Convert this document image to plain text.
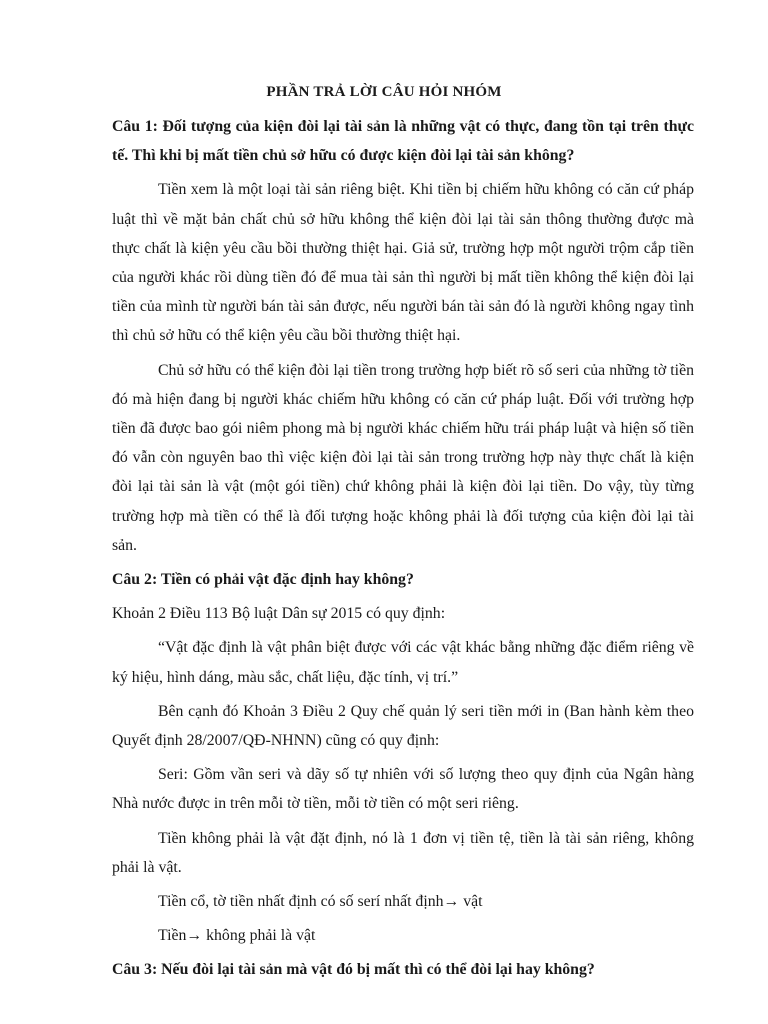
PHẦN TRẢ LỜI CÂU HỎI NHÓM

Câu 1: Đối tượng của kiện đòi lại tài sản là những vật có thực, đang tồn tại trên thực tế. Thì khi bị mất tiền chủ sở hữu có được kiện đòi lại tài sản không?

Tiền xem là một loại tài sản riêng biệt. Khi tiền bị chiếm hữu không có căn cứ pháp luật thì về mặt bản chất chủ sở hữu không thể kiện đòi lại tài sản thông thường được mà thực chất là kiện yêu cầu bồi thường thiệt hại. Giả sử, trường hợp một người trộm cắp tiền của người khác rồi dùng tiền đó để mua tài sản thì người bị mất tiền không thể kiện đòi lại tiền của mình từ người bán tài sản được, nếu người bán tài sản đó là người không ngay tình thì chủ sở hữu có thể kiện yêu cầu bồi thường thiệt hại.

Chủ sở hữu có thể kiện đòi lại tiền trong trường hợp biết rõ số seri của những tờ tiền đó mà hiện đang bị người khác chiếm hữu không có căn cứ pháp luật. Đối với trường hợp tiền đã được bao gói niêm phong mà bị người khác chiếm hữu trái pháp luật và hiện số tiền đó vẫn còn nguyên bao thì việc kiện đòi lại tài sản trong trường hợp này thực chất là kiện đòi lại tài sản là vật (một gói tiền) chứ không phải là kiện đòi lại tiền. Do vậy, tùy từng trường hợp mà tiền có thể là đối tượng hoặc không phải là đối tượng của kiện đòi lại tài sản.

Câu 2: Tiền có phải vật đặc định hay không?

Khoản 2 Điều 113 Bộ luật Dân sự 2015 có quy định:

“Vật đặc định là vật phân biệt được với các vật khác bằng những đặc điểm riêng về ký hiệu, hình dáng, màu sắc, chất liệu, đặc tính, vị trí.”

Bên cạnh đó Khoản 3 Điều 2 Quy chế quản lý seri tiền mới in (Ban hành kèm theo Quyết định 28/2007/QĐ-NHNN) cũng có quy định:

Seri: Gồm vần seri và dãy số tự nhiên với số lượng theo quy định của Ngân hàng Nhà nước được in trên mỗi tờ tiền, mỗi tờ tiền có một seri riêng.

Tiền không phải là vật đặt định, nó là 1 đơn vị tiền tệ, tiền là tài sản riêng, không phải là vật.

Tiền cổ, tờ tiền nhất định có số serí nhất định→ vật

Tiền→ không phải là vật

Câu 3: Nếu đòi lại tài sản mà vật đó bị mất thì có thể đòi lại hay không?
